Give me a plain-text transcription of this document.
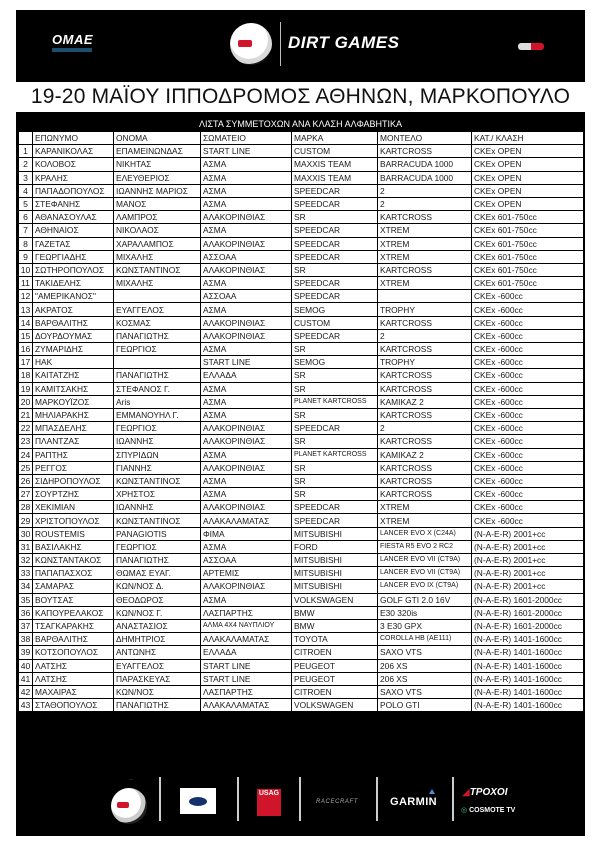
OMAE	DIRT GAMES
19-20 ΜΑΪΟΥ ΙΠΠΟΔΡΟΜΟΣ ΑΘΗΝΩΝ, ΜΑΡΚΟΠΟΥΛΟ
ΛΙΣΤΑ ΣΥΜΜΕΤΟΧΩΝ ΑΝΑ ΚΛΑΣΗ ΑΛΦΑΒΗΤΙΚΑ
	ΕΠΩΝΥΜΟ	ΟΝΟΜΑ	ΣΩΜΑΤΕΙΟ	ΜΑΡΚΑ	ΜΟΝΤΕΛΟ	ΚΑΤ./ ΚΛΑΣΗ
1	ΚΑΡΑΝΙΚΟΛΑΣ	ΕΠΑΜΕΙΝΩΝΔΑΣ	START LINE	CUSTOM	KARTCROSS	CKEx OPEN
2	ΚΟΛΟΒΟΣ	ΝΙΚΗΤΑΣ	ΑΣΜΑ	MAXXIS TEAM	BARRACUDA 1000	CKEx OPEN
3	ΚΡΑΛΗΣ	ΕΛΕΥΘΕΡΙΟΣ	ΑΣΜΑ	MAXXIS TEAM	BARRACUDA 1000	CKEx OPEN
4	ΠΑΠΑΔΟΠΟΥΛΟΣ	ΙΩΑΝΝΗΣ ΜΑΡΙΟΣ	ΑΣΜΑ	SPEEDCAR	2	CKEx OPEN
5	ΣΤΕΦΑΝΗΣ	ΜΑΝΟΣ	ΑΣΜΑ	SPEEDCAR	2	CKEx OPEN
6	ΑΘΑΝΑΣΟΥΛΑΣ	ΛΑΜΠΡΟΣ	ΑΛΑΚΟΡΙΝΘΙΑΣ	SR	KARTCROSS	CKEx 601-750cc
7	ΑΘΗΝΑΙΟΣ	ΝΙΚΟΛΑΟΣ	ΑΣΜΑ	SPEEDCAR	XTREM	CKEx 601-750cc
8	ΓΑΖΕΤΑΣ	ΧΑΡΑΛΑΜΠΟΣ	ΑΛΑΚΟΡΙΝΘΙΑΣ	SPEEDCAR	XTREM	CKEx 601-750cc
9	ΓΕΩΡΓΙΑΔΗΣ	ΜΙΧΑΛΗΣ	ΑΣΣΟΑΑ	SPEEDCAR	XTREM	CKEx 601-750cc
10	ΣΩΤΗΡΟΠΟΥΛΟΣ	ΚΩΝΣΤΑΝΤΙΝΟΣ	ΑΛΑΚΟΡΙΝΘΙΑΣ	SR	KARTCROSS	CKEx 601-750cc
11	ΤΑΚΙΔΕΛΗΣ	ΜΙΧΑΛΗΣ	ΑΣΜΑ	SPEEDCAR	XTREM	CKEx 601-750cc
12	"ΑΜΕΡΙΚΑΝΟΣ"		ΑΣΣΟΑΑ	SPEEDCAR		CKEx -600cc
13	ΑΚΡΑΤΟΣ	ΕΥΑΓΓΕΛΟΣ	ΑΣΜΑ	SEMOG	TROPHY	CKEx -600cc
14	ΒΑΡΘΑΛΙΤΗΣ	ΚΟΣΜΑΣ	ΑΛΑΚΟΡΙΝΘΙΑΣ	CUSTOM	KARTCROSS	CKEx -600cc
15	ΔΟΥΡΔΟΥΜΑΣ	ΠΑΝΑΓΙΩΤΗΣ	ΑΛΑΚΟΡΙΝΘΙΑΣ	SPEEDCAR	2	CKEx -600cc
16	ΖΥΜΑΡΙΔΗΣ	ΓΕΩΡΓΙΟΣ	ΑΣΜΑ	SR	KARTCROSS	CKEx -600cc
17	ΗΑΚ		START LINE	SEMOG	TROPHY	CKEx -600cc
18	ΚΑΙΤΑΤΖΗΣ	ΠΑΝΑΓΙΩΤΗΣ	ΕΛΛΑΔΑ	SR	KARTCROSS	CKEx -600cc
19	ΚΑΜΙΤΣΑΚΗΣ	ΣΤΕΦΑΝΟΣ Γ.	ΑΣΜΑ	SR	KARTCROSS	CKEx -600cc
20	ΜΑΡΚΟΥΪΖΟΣ	Aris	ΑΣΜΑ	PLANET KARTCROSS	KAMIKAZ 2	CKEx -600cc
21	ΜΗΛΙΑΡΑΚΗΣ	ΕΜΜΑΝΟΥΗΛ Γ.	ΑΣΜΑ	SR	KARTCROSS	CKEx -600cc
22	ΜΠΑΣΔΕΛΗΣ	ΓΕΩΡΓΙΟΣ	ΑΛΑΚΟΡΙΝΘΙΑΣ	SPEEDCAR	2	CKEx -600cc
23	ΠΛΑΝΤΖΑΣ	ΙΩΑΝΝΗΣ	ΑΛΑΚΟΡΙΝΘΙΑΣ	SR	KARTCROSS	CKEx -600cc
24	ΡΑΠΤΗΣ	ΣΠΥΡΙΔΩΝ	ΑΣΜΑ	PLANET KARTCROSS	KAMIKAZ 2	CKEx -600cc
25	ΡΕΓΓΟΣ	ΓΙΑΝΝΗΣ	ΑΛΑΚΟΡΙΝΘΙΑΣ	SR	KARTCROSS	CKEx -600cc
26	ΣΙΔΗΡΟΠΟΥΛΟΣ	ΚΩΝΣΤΑΝΤΙΝΟΣ	ΑΣΜΑ	SR	KARTCROSS	CKEx -600cc
27	ΣΟΥΡΤΖΗΣ	ΧΡΗΣΤΟΣ	ΑΣΜΑ	SR	KARTCROSS	CKEx -600cc
28	ΧΕΚΙΜΙΑΝ	ΙΩΑΝΝΗΣ	ΑΛΑΚΟΡΙΝΘΙΑΣ	SPEEDCAR	XTREM	CKEx -600cc
29	ΧΡΙΣΤΟΠΟΥΛΟΣ	ΚΩΝΣΤΑΝΤΙΝΟΣ	ΑΛΑΚΑΛΑΜΑΤΑΣ	SPEEDCAR	XTREM	CKEx -600cc
30	ROUSTEMIS	PANAGIOTIS	ΦΙΜΑ	MITSUBISHI	LANCER EVO X (C24A)	(N-A-E-R) 2001+cc
31	ΒΑΣΙΛΑΚΗΣ	ΓΕΩΡΓΙΟΣ	ΑΣΜΑ	FORD	FIESTA R5 EVO 2 RC2	(N-A-E-R) 2001+cc
32	ΚΩΝΣΤΑΝΤΑΚΟΣ	ΠΑΝΑΓΙΩΤΗΣ	ΑΣΣΟΑΑ	MITSUBISHI	LANCER EVO VII (CT9A)	(N-A-E-R) 2001+cc
33	ΠΑΠΑΠΑΣΧΟΣ	ΘΩΜΑΣ ΕΥΑΓ.	ΑΡΤΕΜΙΣ	MITSUBISHI	LANCER EVO VII (CT9A)	(N-A-E-R) 2001+cc
34	ΣΑΜΑΡΑΣ	ΚΩΝ/ΝΟΣ Δ.	ΑΛΑΚΟΡΙΝΘΙΑΣ	MITSUBISHI	LANCER EVO IX (CT9A)	(N-A-E-R) 2001+cc
35	ΒΟΥΤΣΑΣ	ΘΕΟΔΩΡΟΣ	ΑΣΜΑ	VOLKSWAGEN	GOLF GTI 2.0 16V	(N-A-E-R) 1601-2000cc
36	ΚΑΠΟΥΡΕΛΑΚΟΣ	ΚΩΝ/ΝΟΣ Γ.	ΛΑΣΠΑΡΤΗΣ	BMW	E30 320is	(N-A-E-R) 1601-2000cc
37	ΤΣΑΓΚΑΡΑΚΗΣ	ΑΝΑΣΤΑΣΙΟΣ	ΑΛΜΑ 4Χ4 ΝΑΥΠΛΙΟΥ	BMW	3 E30 GPX	(N-A-E-R) 1601-2000cc
38	ΒΑΡΘΑΛΙΤΗΣ	ΔΗΜΗΤΡΙΟΣ	ΑΛΑΚΑΛΑΜΑΤΑΣ	TOYOTA	COROLLA HB (AE111)	(N-A-E-R) 1401-1600cc
39	ΚΟΤΣΟΠΟΥΛΟΣ	ΑΝΤΩΝΗΣ	ΕΛΛΑΔΑ	CITROEN	SAXO VTS	(N-A-E-R) 1401-1600cc
40	ΛΑΤΣΗΣ	ΕΥΑΓΓΕΛΟΣ	START LINE	PEUGEOT	206 XS	(N-A-E-R) 1401-1600cc
41	ΛΑΤΣΗΣ	ΠΑΡΑΣΚΕΥΑΣ	START LINE	PEUGEOT	206 XS	(N-A-E-R) 1401-1600cc
42	ΜΑΧΑΙΡΑΣ	ΚΩΝ/ΝΟΣ	ΛΑΣΠΑΡΤΗΣ	CITROEN	SAXO VTS	(N-A-E-R) 1401-1600cc
43	ΣΤΑΘΟΠΟΥΛΟΣ	ΠΑΝΑΓΙΩΤΗΣ	ΑΛΑΚΑΛΑΜΑΤΑΣ	VOLKSWAGEN	POLO GTI	(N-A-E-R) 1401-1600cc
—
USAG
RACECRAFT	GARMIN
◢ΤΡΟΧΟΙ
◎ COSMOTE TV
